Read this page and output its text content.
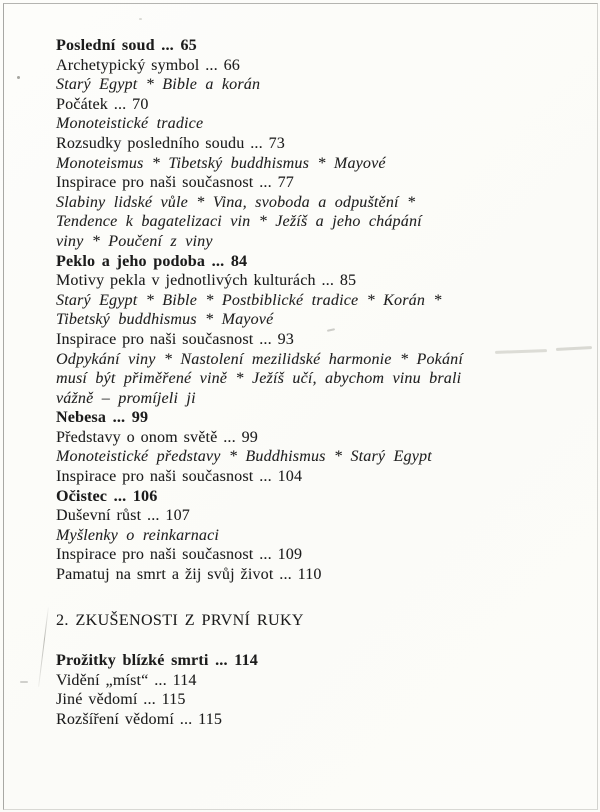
Poslední soud ... 65
Archetypický symbol ... 66
Starý Egypt * Bible a korán
Počátek ... 70
Monoteistické tradice
Rozsudky posledního soudu ... 73
Monoteismus * Tibetský buddhismus * Mayové
Inspirace pro naši současnost ... 77
Slabiny lidské vůle * Vina, svoboda a odpuštění *
Tendence k bagatelizaci vin * Ježíš a jeho chápání
viny * Poučení z viny
Peklo a jeho podoba ... 84
Motivy pekla v jednotlivých kulturách ... 85
Starý Egypt * Bible * Postbiblické tradice * Korán *
Tibetský buddhismus * Mayové
Inspirace pro naši současnost ... 93
Odpykání viny * Nastolení mezilidské harmonie * Pokání
musí být přiměřené vině * Ježíš učí, abychom vinu brali
vážně – promíjeli ji
Nebesa ... 99
Představy o onom světě ... 99
Monoteistické představy * Buddhismus * Starý Egypt
Inspirace pro naši současnost ... 104
Očistec ... 106
Duševní růst ... 107
Myšlenky o reinkarnaci
Inspirace pro naši současnost ... 109
Pamatuj na smrt a žij svůj život ... 110
2. ZKUŠENOSTI Z PRVNÍ RUKY
Prožitky blízké smrti ... 114
Vidění „míst“ ... 114
Jiné vědomí ... 115
Rozšíření vědomí ... 115
